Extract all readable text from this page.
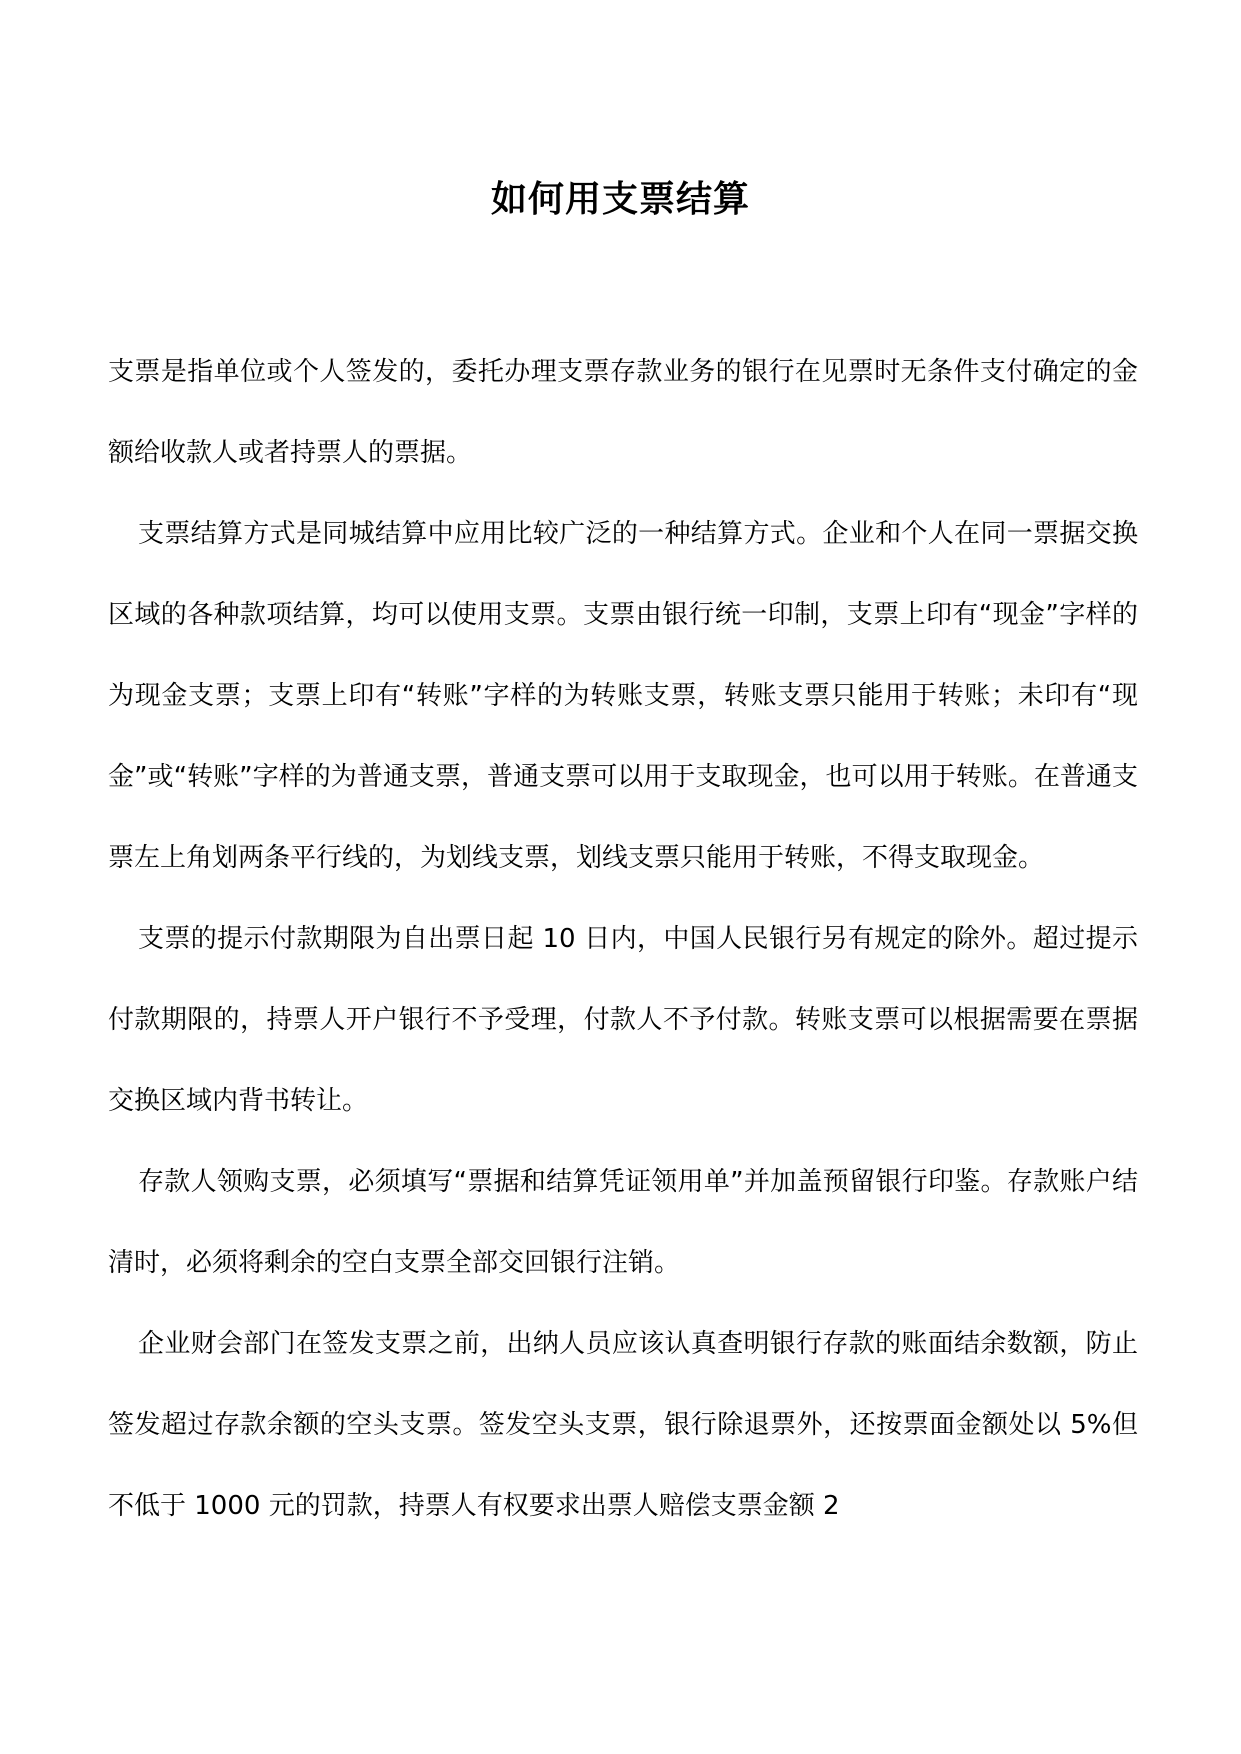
如何用支票结算

支票是指单位或个人签发的，委托办理支票存款业务的银行在见票时无条件支付确定的金额给收款人或者持票人的票据。

支票结算方式是同城结算中应用比较广泛的一种结算方式。企业和个人在同一票据交换区域的各种款项结算，均可以使用支票。支票由银行统一印制，支票上印有“现金”字样的为现金支票；支票上印有“转账”字样的为转账支票，转账支票只能用于转账；未印有“现金”或“转账”字样的为普通支票，普通支票可以用于支取现金，也可以用于转账。在普通支票左上角划两条平行线的，为划线支票，划线支票只能用于转账，不得支取现金。

支票的提示付款期限为自出票日起 10 日内，中国人民银行另有规定的除外。超过提示付款期限的，持票人开户银行不予受理，付款人不予付款。转账支票可以根据需要在票据交换区域内背书转让。

存款人领购支票，必须填写“票据和结算凭证领用单”并加盖预留银行印鉴。存款账户结清时，必须将剩余的空白支票全部交回银行注销。

企业财会部门在签发支票之前，出纳人员应该认真查明银行存款的账面结余数额，防止签发超过存款余额的空头支票。签发空头支票，银行除退票外，还按票面金额处以 5%但不低于 1000 元的罚款，持票人有权要求出票人赔偿支票金额 2
